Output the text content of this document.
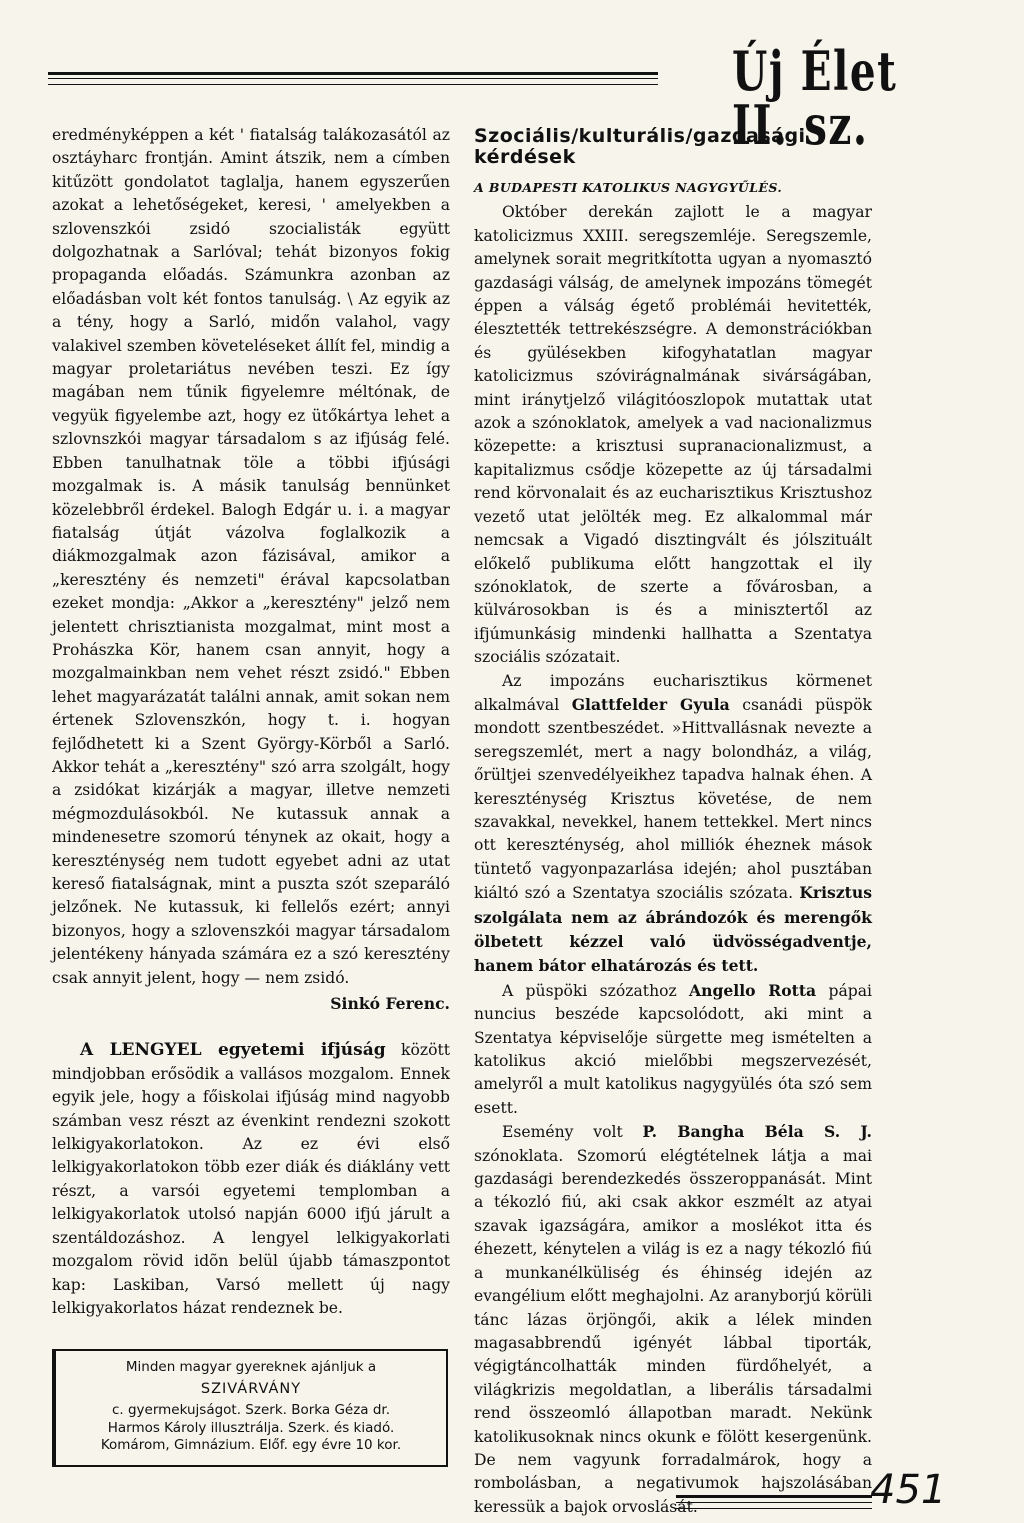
Új Élet II. sz.

eredményképpen a két ' fiatalság talákozasától az osztáyharc frontján. Amint átszik, nem a címben kitűzött gondolatot taglalja, hanem egyszerűen azokat a lehetőségeket, keresi, ' amelyekben a szlovenszkói zsidó szocialisták együtt dolgozhatnak a Sarlóval; tehát bizonyos fokig propaganda előadás. Számunkra azonban az előadásban volt két fontos tanulság. \ Az egyik az a tény, hogy a Sarló, midőn valahol, vagy valakivel szemben követeléseket állít fel, mindig a magyar proletariátus nevében teszi. Ez így magában nem tűnik figyelemre méltónak, de vegyük figyelembe azt, hogy ez ütőkártya lehet a szlovnszkói magyar társadalom s az ifjúság felé. Ebben tanulhatnak töle a többi ifjúsági mozgalmak is. A másik tanulság bennünket közelebbről érdekel. Balogh Edgár u. i. a magyar fiatalság útját vázolva foglalkozik a diákmozgalmak azon fázisával, amikor a „keresztény és nemzeti" érával kapcsolatban ezeket mondja: „Akkor a „keresztény" jelző nem jelentett chrisztianista mozgalmat, mint most a Prohászka Kör, hanem csan annyit, hogy a mozgalmainkban nem vehet részt zsidó." Ebben lehet magyarázatát találni annak, amit sokan nem értenek Szlovenszkón, hogy t. i. hogyan fejlődhetett ki a Szent György-Körből a Sarló. Akkor tehát a „keresztény" szó arra szolgált, hogy a zsidókat kizárják a magyar, illetve nemzeti mégmozdulásokból. Ne kutassuk annak a mindenesetre szomorú ténynek az okait, hogy a kereszténység nem tudott egyebet adni az utat kereső fiatalságnak, mint a puszta szót szeparáló jelzőnek. Ne kutassuk, ki fellelős ezért; annyi bizonyos, hogy a szlovenszkói magyar társadalom jelentékeny hányada számára ez a szó keresztény csak annyit jelent, hogy — nem zsidó.

Sinkó Ferenc.

A LENGYEL egyetemi ifjúság között mindjobban erősödik a vallásos mozgalom. Ennek egyik jele, hogy a főiskolai ifjúság mind nagyobb számban vesz részt az évenkint rendezni szokott lelkigyakorlatokon. Az ez évi első lelkigyakorlatokon több ezer diák és diáklány vett részt, a varsói egyetemi templomban a lelkigyakorlatok utolsó napján 6000 ifjú járult a szentáldozáshoz. A lengyel lelkigyakorlati mozgalom rövid idõn belül újabb támaszpontot kap: Laskiban, Varsó mellett új nagy lelkigyakorlatos házat rendeznek be.

Minden magyar gyereknek ajánljuk a
SZIVÁRVÁNY
c. gyermekujságot. Szerk. Borka Géza dr.
Harmos Károly illusztrálja. Szerk. és kiadó.
Komárom, Gimnázium. Előf. egy évre 10 kor.
Szociális/kulturális/gazdasági kérdések
A BUDAPESTI KATOLIKUS NAGYGYŰLÉS.

Október derekán zajlott le a magyar katolicizmus XXIII. seregszemléje. Seregszemle, amelynek sorait megritkította ugyan a nyomasztó gazdasági válság, de amelynek impozáns tömegét éppen a válság égető problémái hevitették, élesztették tettrekészségre. A demonstrációkban és gyülésekben kifogyhatatlan magyar katolicizmus szóvirágnalmának sivárságában, mint iránytjelző világitóoszlopok mutattak utat azok a szónoklatok, amelyek a vad nacionalizmus közepette: a krisztusi supranacionalizmust, a kapitalizmus csődje közepette az új társadalmi rend körvonalait és az eucharisztikus Krisztushoz vezető utat jelölték meg. Ez alkalommal már nemcsak a Vigadó disztingvált és jólszituált előkelő publikuma előtt hangzottak el ily szónoklatok, de szerte a fővárosban, a külvárosokban is és a minisztertől az ifjúmunkásig mindenki hallhatta a Szentatya szociális szózatait.

Az impozáns eucharisztikus körmenet alkalmával Glattfelder Gyula csanádi püspök mondott szentbeszédet. »Hittvallásnak nevezte a seregszemlét, mert a nagy bolondház, a világ, őrültjei szenvedélyeikhez tapadva halnak éhen. A kereszténység Krisztus követése, de nem szavakkal, nevekkel, hanem tettekkel. Mert nincs ott kereszténység, ahol milliók éheznek mások tüntető vagyonpazarlása idején; ahol pusztában kiáltó szó a Szentatya szociális szózata. Krisztus szolgálata nem az ábrándozók és merengők ölbetett kézzel való üdvösségadventje, hanem bátor elhatározás és tett.

A püspöki szózathoz Angello Rotta pápai nuncius beszéde kapcsolódott, aki mint a Szentatya képviselője sürgette meg ismételten a katolikus akció mielőbbi megszervezését, amelyről a mult katolikus nagygyülés óta szó sem esett.

Esemény volt P. Bangha Béla S. J. szónoklata. Szomorú elégtételnek látja a mai gazdasági berendezkedés összeroppanását. Mint a tékozló fiú, aki csak akkor eszmélt az atyai szavak igazságára, amikor a moslékot itta és éhezett, kénytelen a világ is ez a nagy tékozló fiú a munkanélküliség és éhinség idején az evangélium előtt meghajolni. Az aranyborjú körüli tánc lázas örjöngői, akik a lélek minden magasabbrendű igényét lábbal tiporták, végigtáncolhatták minden fürdőhelyét, a világkrizis megoldatlan, a liberális társadalmi rend összeomló állapotban maradt. Nekünk katolikusoknak nincs okunk e fölött kesergenünk. De nem vagyunk forradalmárok, hogy a rombolásban, a negativumok hajszolásában keressük a bajok orvoslását.	451
